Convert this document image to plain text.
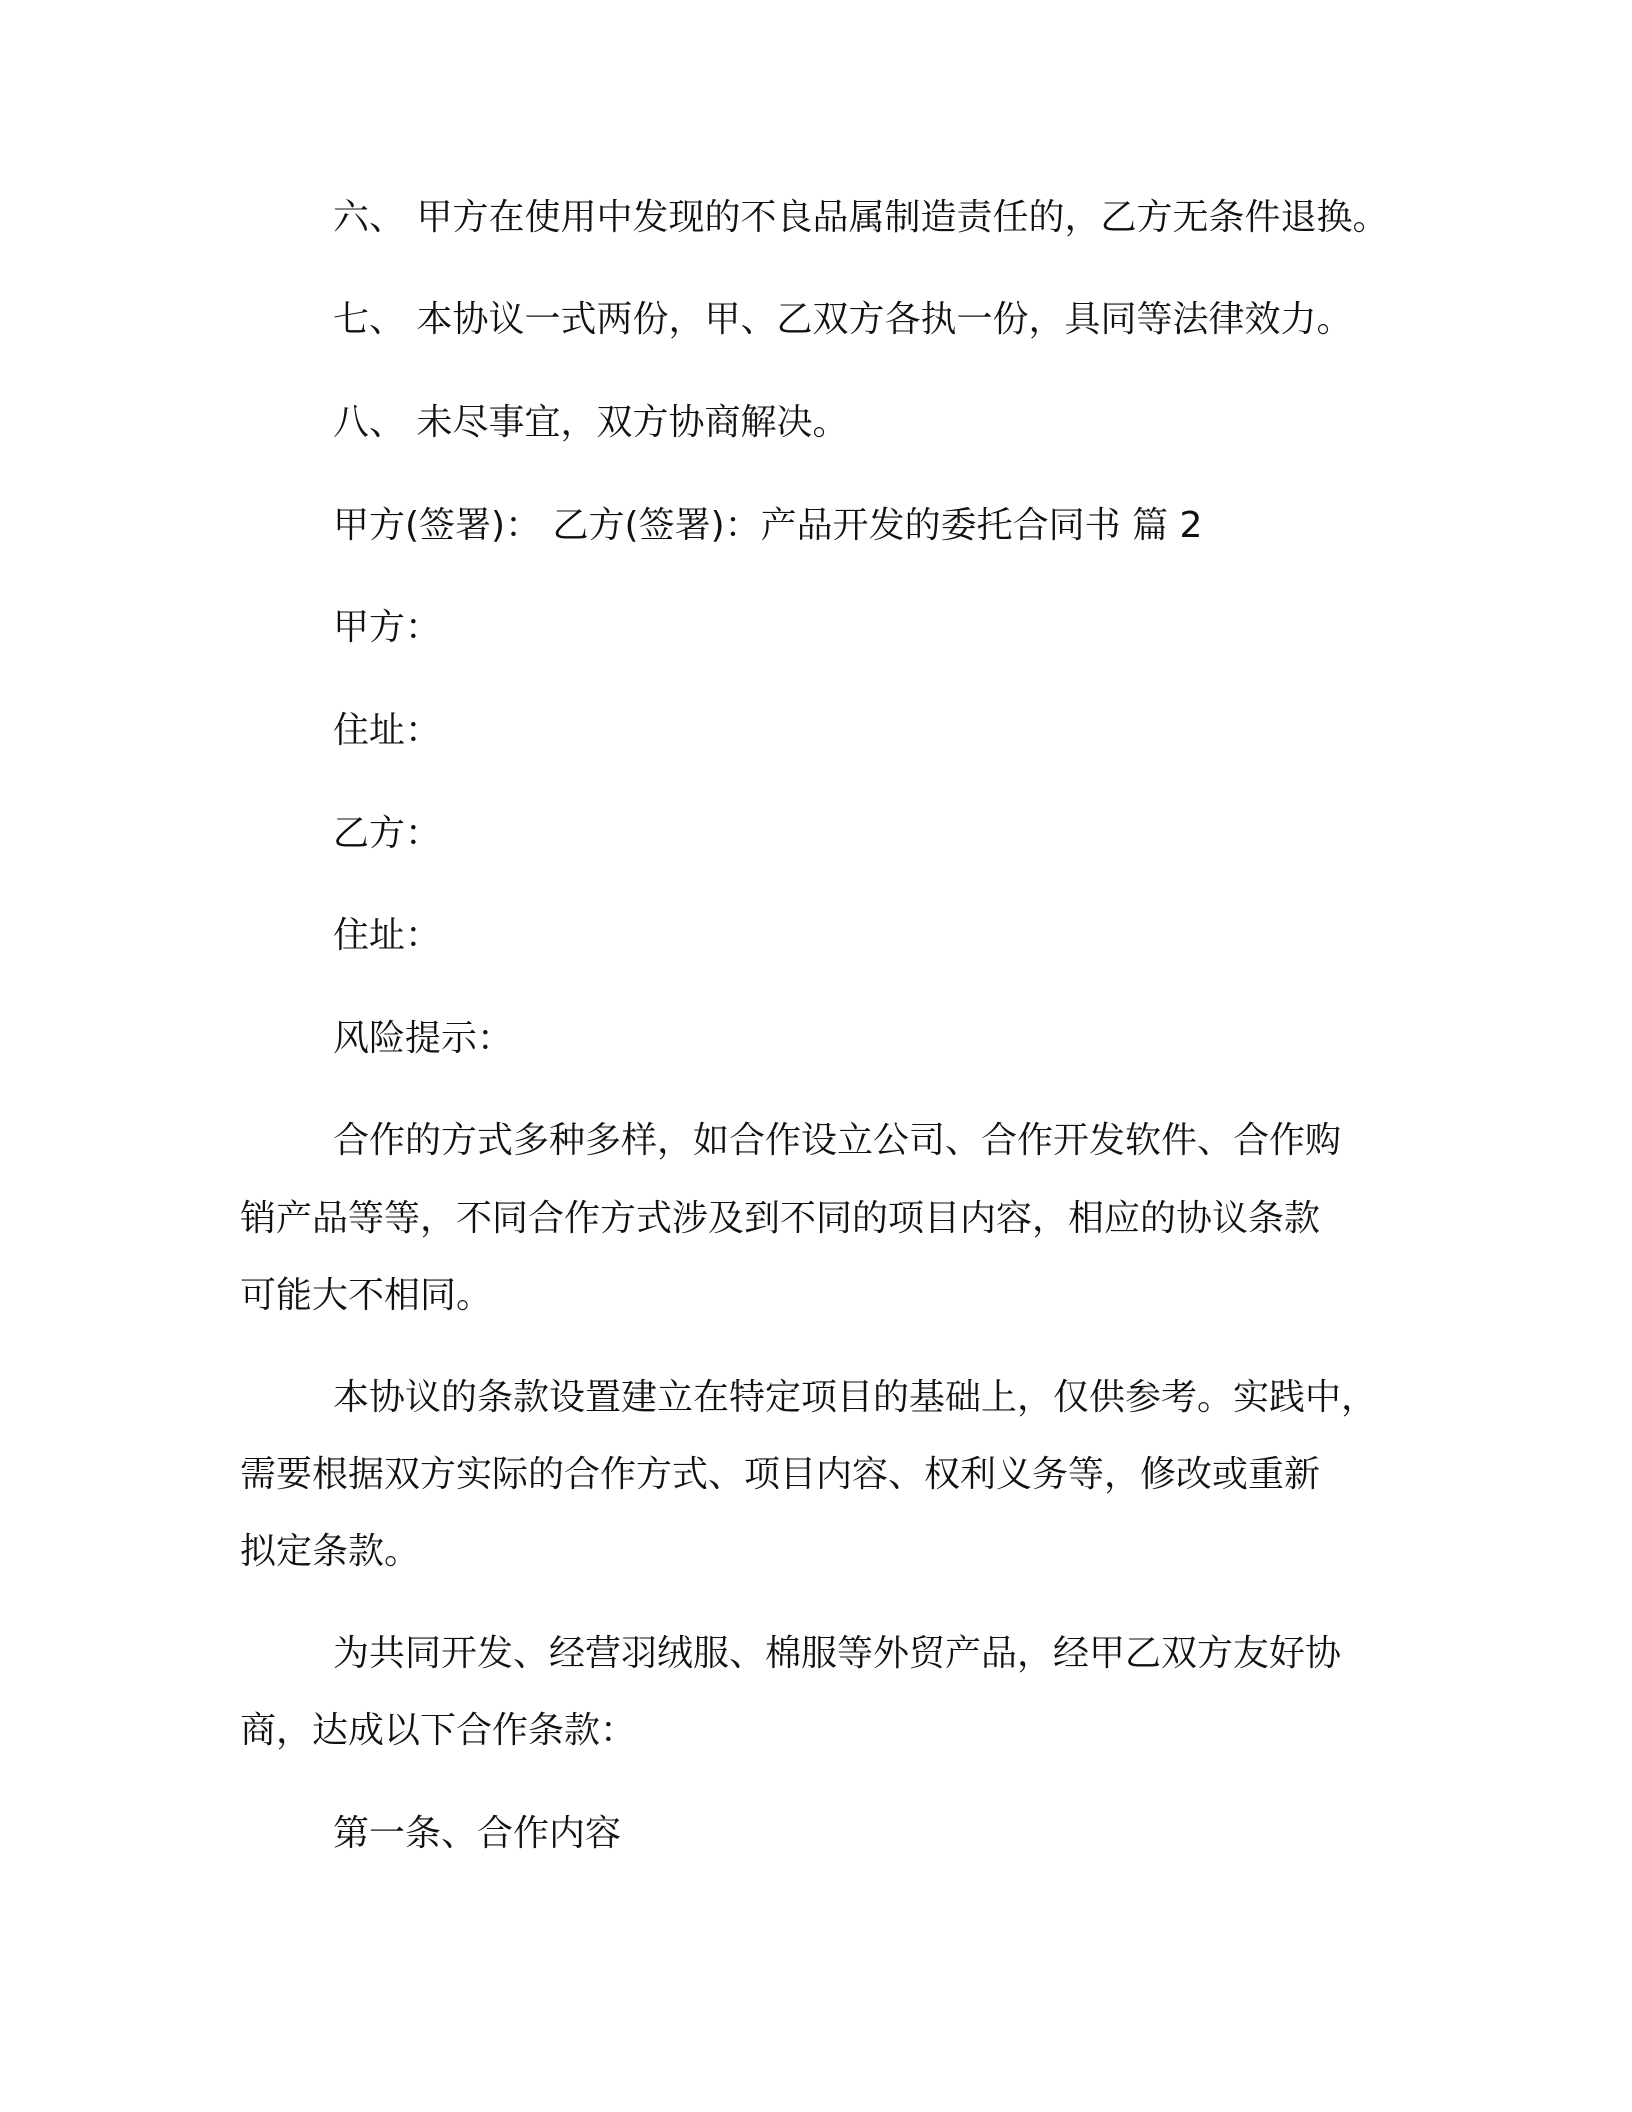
六、 甲方在使用中发现的不良品属制造责任的，乙方无条件退换。
七、 本协议一式两份，甲、乙双方各执一份，具同等法律效力。
八、 未尽事宜，双方协商解决。
甲方(签署)： 乙方(签署)：产品开发的委托合同书 篇 2
甲方：
住址：
乙方：
住址：
风险提示：
合作的方式多种多样，如合作设立公司、合作开发软件、合作购
销产品等等，不同合作方式涉及到不同的项目内容，相应的协议条款
可能大不相同。
本协议的条款设置建立在特定项目的基础上，仅供参考。实践中，
需要根据双方实际的合作方式、项目内容、权利义务等，修改或重新
拟定条款。
为共同开发、经营羽绒服、棉服等外贸产品，经甲乙双方友好协
商，达成以下合作条款：
第一条、合作内容
